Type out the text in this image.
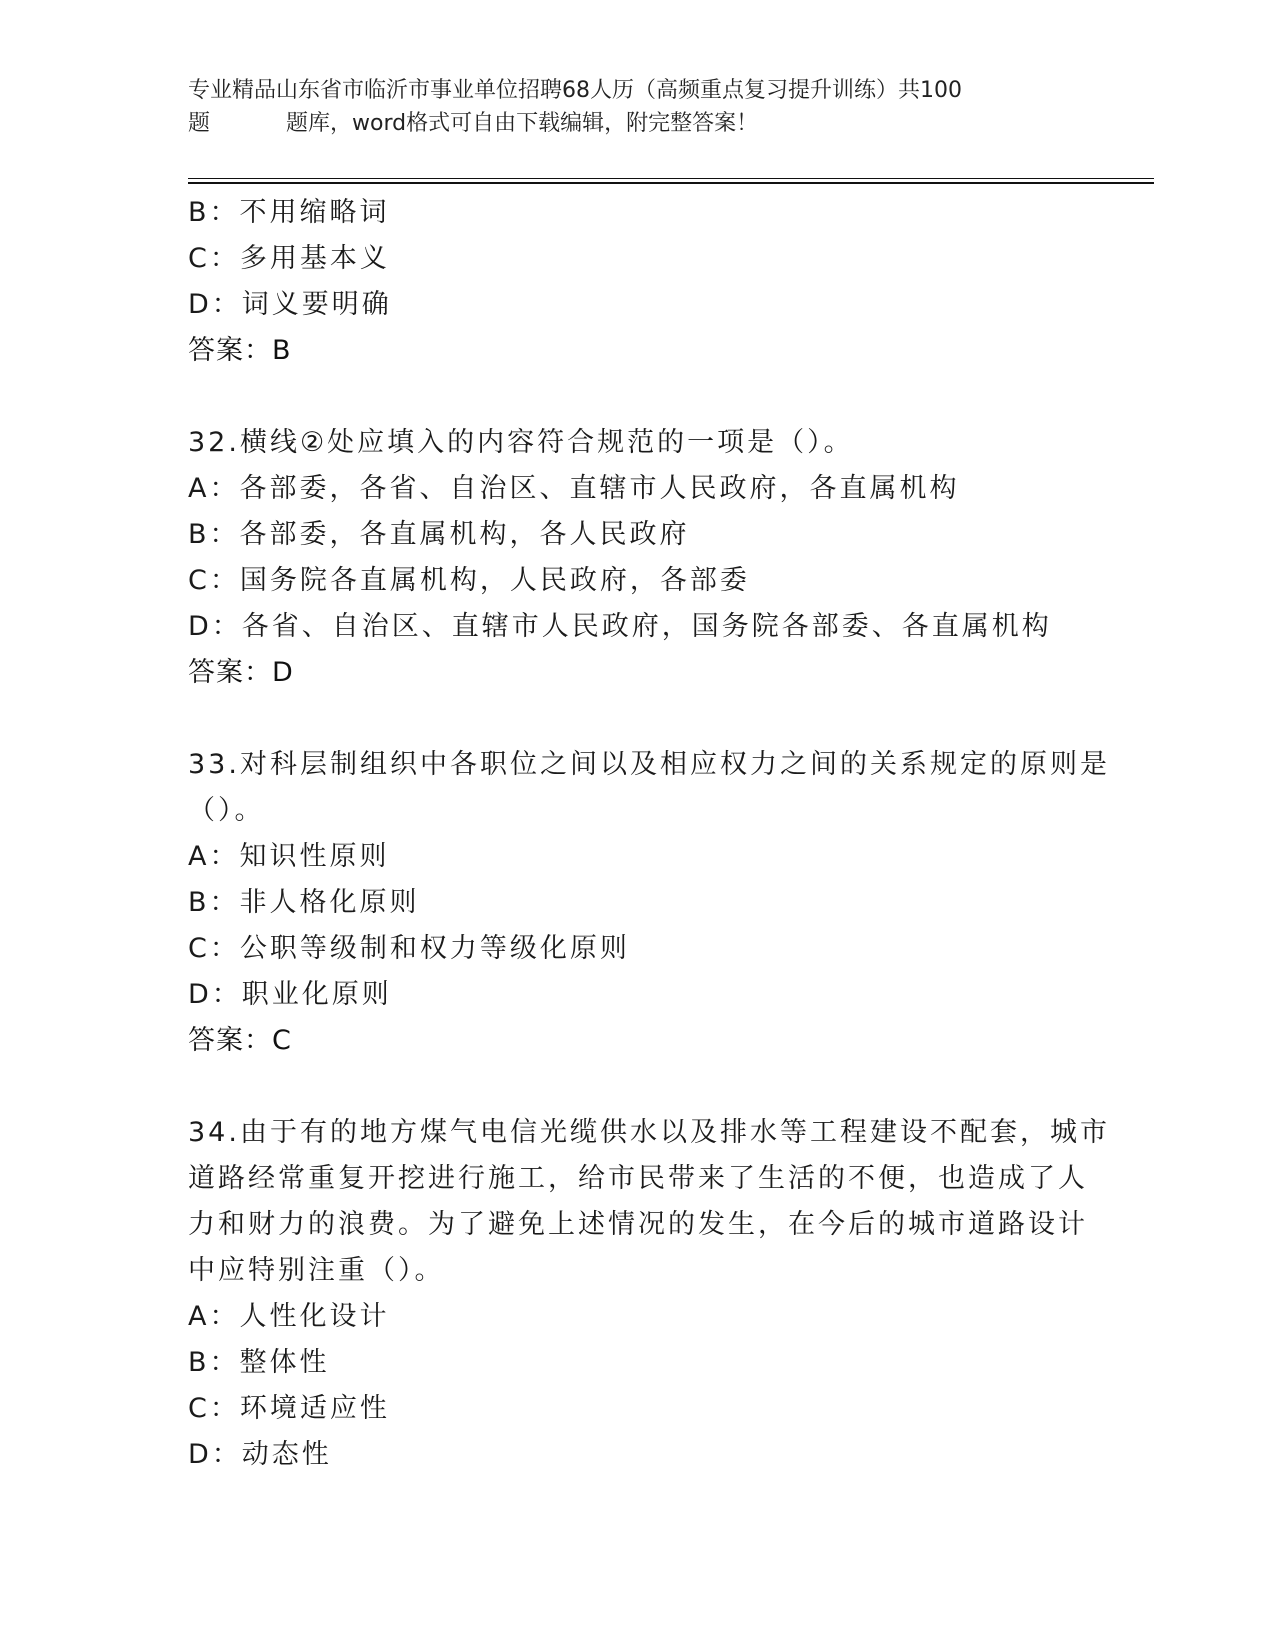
专业精品山东省市临沂市事业单位招聘68人历（高频重点复习提升训练）共100
题	题库，word格式可自由下载编辑，附完整答案！
B：不用缩略词
C：多用基本义
D：词义要明确
答案：B
32.横线②处应填入的内容符合规范的一项是（）。
A：各部委，各省、自治区、直辖市人民政府，各直属机构
B：各部委，各直属机构，各人民政府
C：国务院各直属机构，人民政府，各部委
D：各省、自治区、直辖市人民政府，国务院各部委、各直属机构
答案：D
33.对科层制组织中各职位之间以及相应权力之间的关系规定的原则是
（）。
A：知识性原则
B：非人格化原则
C：公职等级制和权力等级化原则
D：职业化原则
答案：C
34.由于有的地方煤气电信光缆供水以及排水等工程建设不配套，城市
道路经常重复开挖进行施工，给市民带来了生活的不便，也造成了人
力和财力的浪费。为了避免上述情况的发生，在今后的城市道路设计
中应特别注重（）。
A：人性化设计
B：整体性
C：环境适应性
D：动态性
